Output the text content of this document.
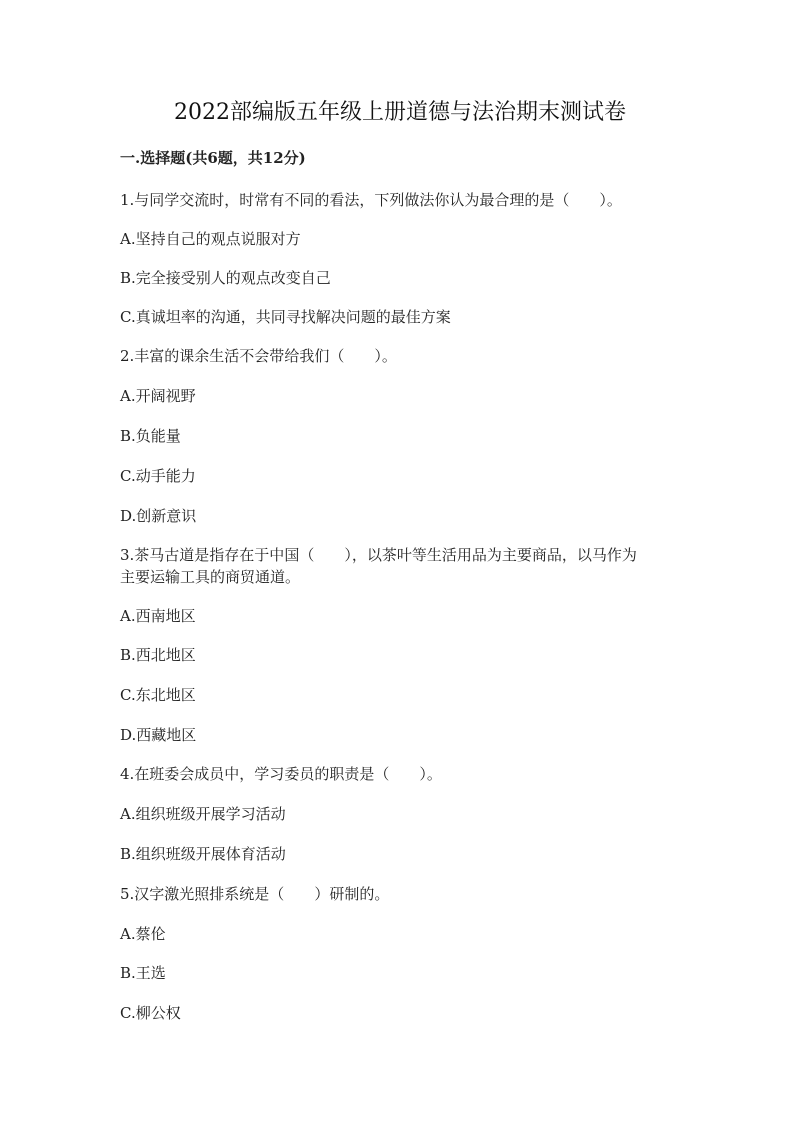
2022部编版五年级上册道德与法治期末测试卷
一.选择题(共6题，共12分)
1.与同学交流时，时常有不同的看法，下列做法你认为最合理的是（　　）。
A.坚持自己的观点说服对方
B.完全接受别人的观点改变自己
C.真诚坦率的沟通，共同寻找解决问题的最佳方案
2.丰富的课余生活不会带给我们（　　）。
A.开阔视野
B.负能量
C.动手能力
D.创新意识
3.茶马古道是指存在于中国（　　），以茶叶等生活用品为主要商品，以马作为
主要运输工具的商贸通道。
A.西南地区
B.西北地区
C.东北地区
D.西藏地区
4.在班委会成员中，学习委员的职责是（　　）。
A.组织班级开展学习活动
B.组织班级开展体育活动
5.汉字激光照排系统是（　　）研制的。
A.蔡伦
B.王选
C.柳公权
